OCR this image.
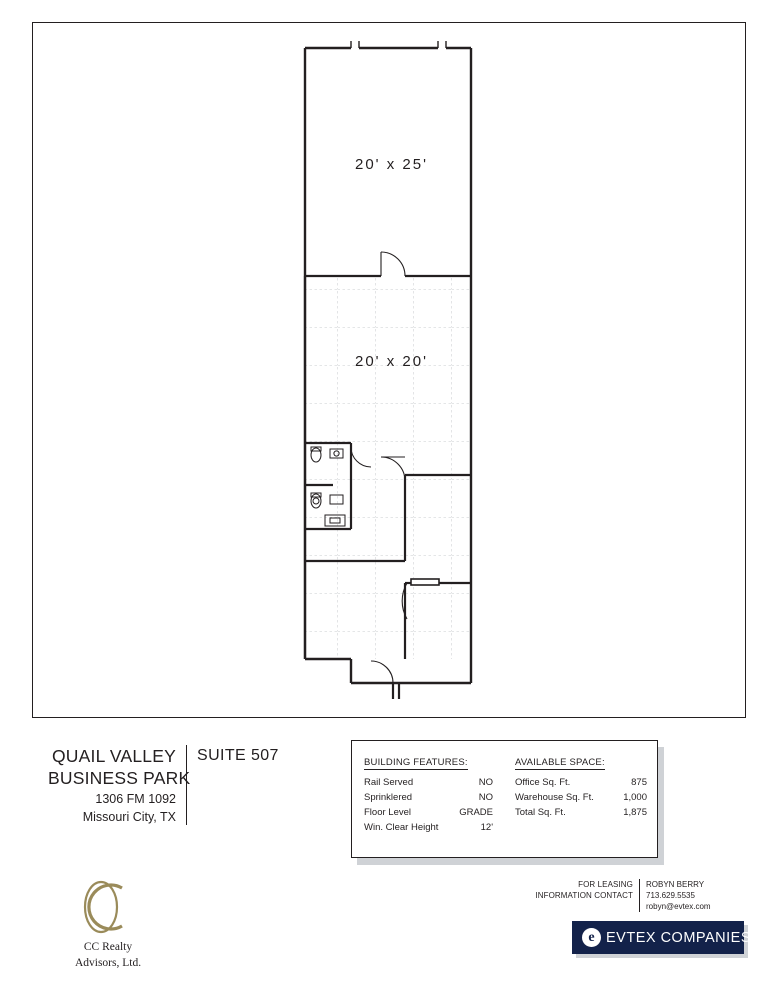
20' x 25'
20' x 20'
QUAIL VALLEY
BUSINESS PARK
1306 FM 1092
Missouri City, TX
SUITE 507	BUILDING FEATURES:
Rail Served	NO
Sprinklered	NO
Floor Level	GRADE
Win. Clear Height	12'
AVAILABLE SPACE:
Office Sq. Ft.	875
Warehouse Sq. Ft.	1,000
Total Sq. Ft.	1,875
CC Realty
Advisors, Ltd.
FOR LEASING
INFORMATION CONTACT
ROBYN BERRY
713.629.5535
robyn@evtex.com
e EVTEX COMPANIES
